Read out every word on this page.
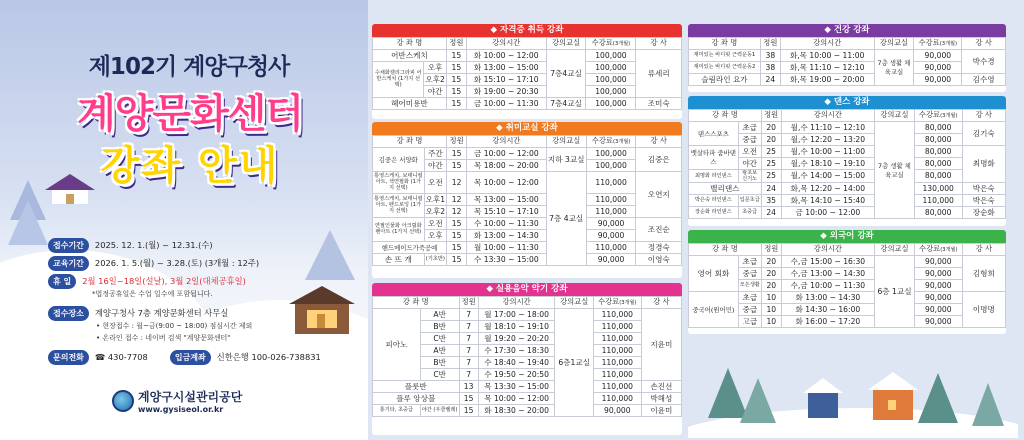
제102기 계양구청사
계양문화센터
강좌 안내
접수기간 2025. 12. 1.(월) ~ 12.31.(수)
교육기간 2026. 1. 5.(월) ~ 3.28.(토) (3개월 : 12주)
휴 일 2월 16일~18일(설날), 3월 2일(대체공휴일)
*법정공휴일은 수업 일수에 포함됩니다.
접수장소 계양구청사 7층 계양문화센터 사무실
• 현장접수 : 월~금(9:00 ~ 18:00) 점심시간 제외
• 온라인 접수 : 네이버 검색 "계양문화센터"
문의전화 ☎ 430-7708	입금계좌 신한은행 100-026-738831
계양구시설관리공단
www.gysiseol.or.kr
◆ 자격증 취득 강좌
강 좌 명		정원	강의시간	강의교실	수강료(3개월)	강 사
어반스케치		15	화 10:00 ~ 12:00	7층4교실	100,000	류세리
수채화캘리그라피 어반스케치 (1가지 선택)	오후	15	화 13:00 ~ 15:00		100,000	
	오후2	15	화 15:10 ~ 17:10		100,000	
	야간	15	화 19:00 ~ 20:30		100,000	
헤어미용반		15	금 10:00 ~ 11:30	7층4교실	100,000	조미숙
◆ 취미교실 강좌
강 좌 명		정원	강의시간	강의교실	수강료(3개월)	강 사
김중은 서양화	주간	15	금 10:00 ~ 12:00	지하 3교실	100,000	김중은
	야간	15	목 18:00 ~ 20:00		100,000	
통영스케치, 보태니컬 아트, 색연필화 (1가지 선택)	오전	12	목 10:00 ~ 12:00	7층 4교실	110,000	오연지
통영스케치, 보태니컬 아트, 펜드로잉 (1가지 선택)	오후1	12	목 13:00 ~ 15:00		110,000	
	오후2	12	목 15:10 ~ 17:10		110,000	
연필인물화 아크릴화 펜아트 (1가지 선택)	오전	15	수 10:00 ~ 11:30		90,000	조진순
	오후	15	화 13:00 ~ 14:30		90,000	
핸드메이드가죽공예		15	월 10:00 ~ 11:30		110,000	정경숙
손 뜨 개	(기초반)	15	수 13:30 ~ 15:00		90,000	이영숙
◆ 실용음악 악기 강좌
강 좌 명		정원	강의시간	강의교실	수강료(3개월)	강 사
피아노	A반	7	월 17:00 ~ 18:00	6층1교실	110,000	지윤미
	B반	7	월 18:10 ~ 19:10		110,000	
	C반	7	월 19:20 ~ 20:20		110,000	
	A반	7	수 17:30 ~ 18:30		110,000	
	B반	7	수 18:40 ~ 19:40		110,000	
	C반	7	수 19:50 ~ 20:50		110,000	
플룻반		13	목 13:30 ~ 15:00		110,000	손진선
플루 앙상블		15	목 10:00 ~ 12:00		110,000	박해성
통기타, 초중급	야간 (우쿨렐레)	15	화 18:30 ~ 20:00		90,000	이윤미
◆ 건강 강좌
강 좌 명	정원	강의시간	강의교실	수강료(3개월)	강 사
재미있는 바디핏 근력운동1	38	화,목 10:00 ~ 11:00	7층 생활 체육교실	90,000	박수경
재미있는 바디핏 근력운동2	38	화,목 11:10 ~ 12:10		90,000	
슬림라인 요가	24	화,목 19:00 ~ 20:00		90,000	김수영
◆ 댄스 강좌
강 좌 명		정원	강의시간	강의교실	수강료(3개월)	강 사
댄스스포츠	초급	20	월,수 11:10 ~ 12:10	7층 생활 체육교실	80,000	김기숙
	중급	20	월,수 12:20 ~ 13:20		80,000	
뱃살타파 줌바댄스	오전	25	월,수 10:00 ~ 11:00		80,000	최명화
	야간	25	월,수 18:10 ~ 19:10		80,000	
최명화 라인댄스	왕초보 신기노	25	월,수 14:00 ~ 15:00		80,000	
밸리댄스		24	화,목 12:20 ~ 14:00		130,000	박은숙
박은숙 라인댄스	입문초급	35	화,목 14:10 ~ 15:40		110,000	박은숙
장순화 라인댄스	초중급	24	금 10:00 ~ 12:00		80,000	장순화
◆ 외국어 강좌
강 좌 명		정원	강의시간	강의교실	수강료(3개월)	강 사
영어 회화	초급	20	수,금 15:00 ~ 16:30	6층 1교실	90,000	김형희
	중급	20	수,금 13:00 ~ 14:30		90,000	
	모든생활	20	수,금 10:00 ~ 11:30		90,000	
중국어(원어민)	초급	10	화 13:00 ~ 14:30		90,000	이명명
	중급	10	화 14:30 ~ 16:00		90,000	
	고급	10	화 16:00 ~ 17:20		90,000	
